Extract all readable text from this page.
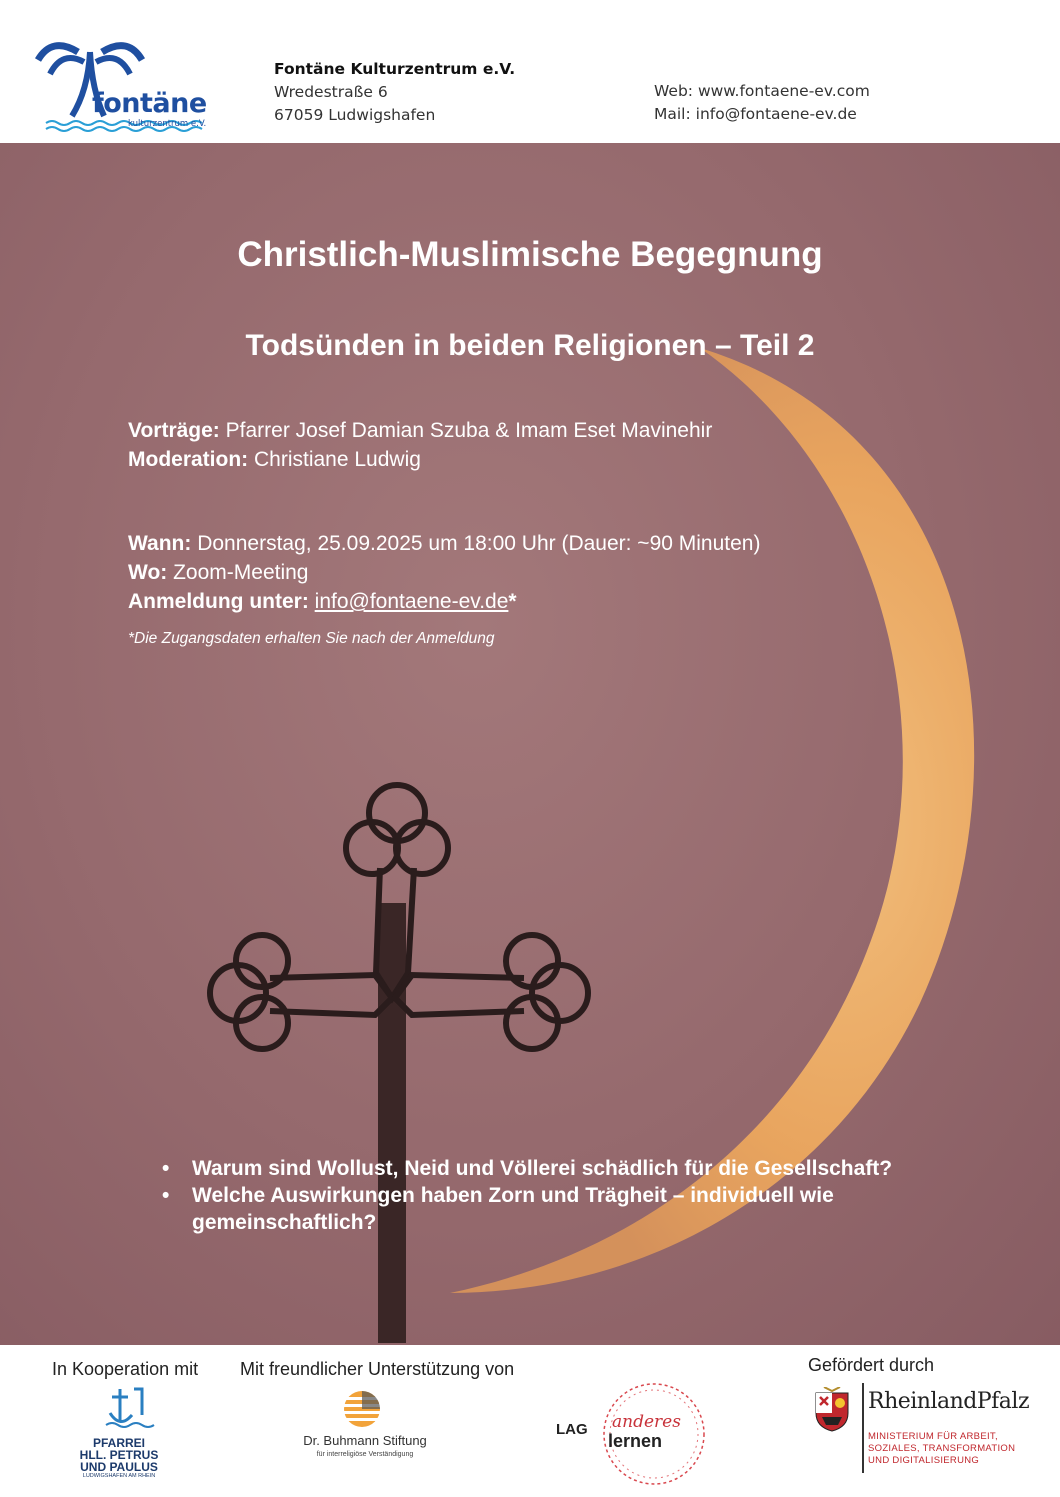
fontäne
kulturzentrum e.V.
Fontäne Kulturzentrum e.V.
Wredestraße 6
67059 Ludwigshafen
Web: www.fontaene-ev.com
Mail: info@fontaene-ev.de
Christlich-Muslimische Begegnung
Todsünden in beiden Religionen – Teil 2
Vorträge: Pfarrer Josef Damian Szuba & Imam Eset Mavinehir
Moderation: Christiane Ludwig
Wann: Donnerstag, 25.09.2025 um 18:00 Uhr (Dauer: ~90 Minuten)
Wo: Zoom-Meeting
Anmeldung unter: info@fontaene-ev.de*
*Die Zugangsdaten erhalten Sie nach der Anmeldung
• Warum sind Wollust, Neid und Völlerei schädlich für die Gesellschaft?
• Welche Auswirkungen haben Zorn und Trägheit – individuell wie gemeinschaftlich?
In Kooperation mit Mit freundlicher Unterstützung von	Gefördert durch
PFARREI
HLL. PETRUS
UND PAULUS
LUDWIGSHAFEN AM RHEIN
Dr. Buhmann Stiftung
für interreligiöse Verständigung
LAG anderes
lernen
RheinlandPfalz
MINISTERIUM FÜR ARBEIT,
SOZIALES, TRANSFORMATION
UND DIGITALISIERUNG
